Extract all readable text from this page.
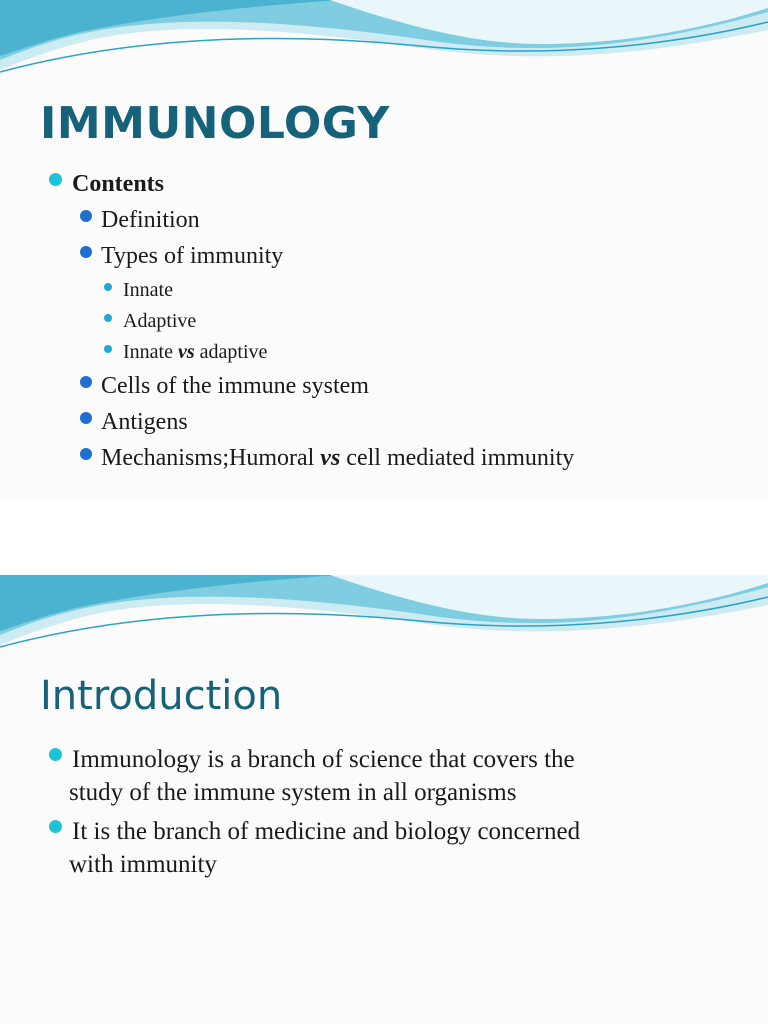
IMMUNOLOGY
Contents
Definition
Types of immunity
Innate
Adaptive
Innate vs adaptive
Cells of the immune system
Antigens
Mechanisms;Humoral vs cell mediated immunity
Introduction
Immunology is a branch of science that covers the
study of the immune system in all organisms
It is the branch of medicine and biology concerned
with immunity
